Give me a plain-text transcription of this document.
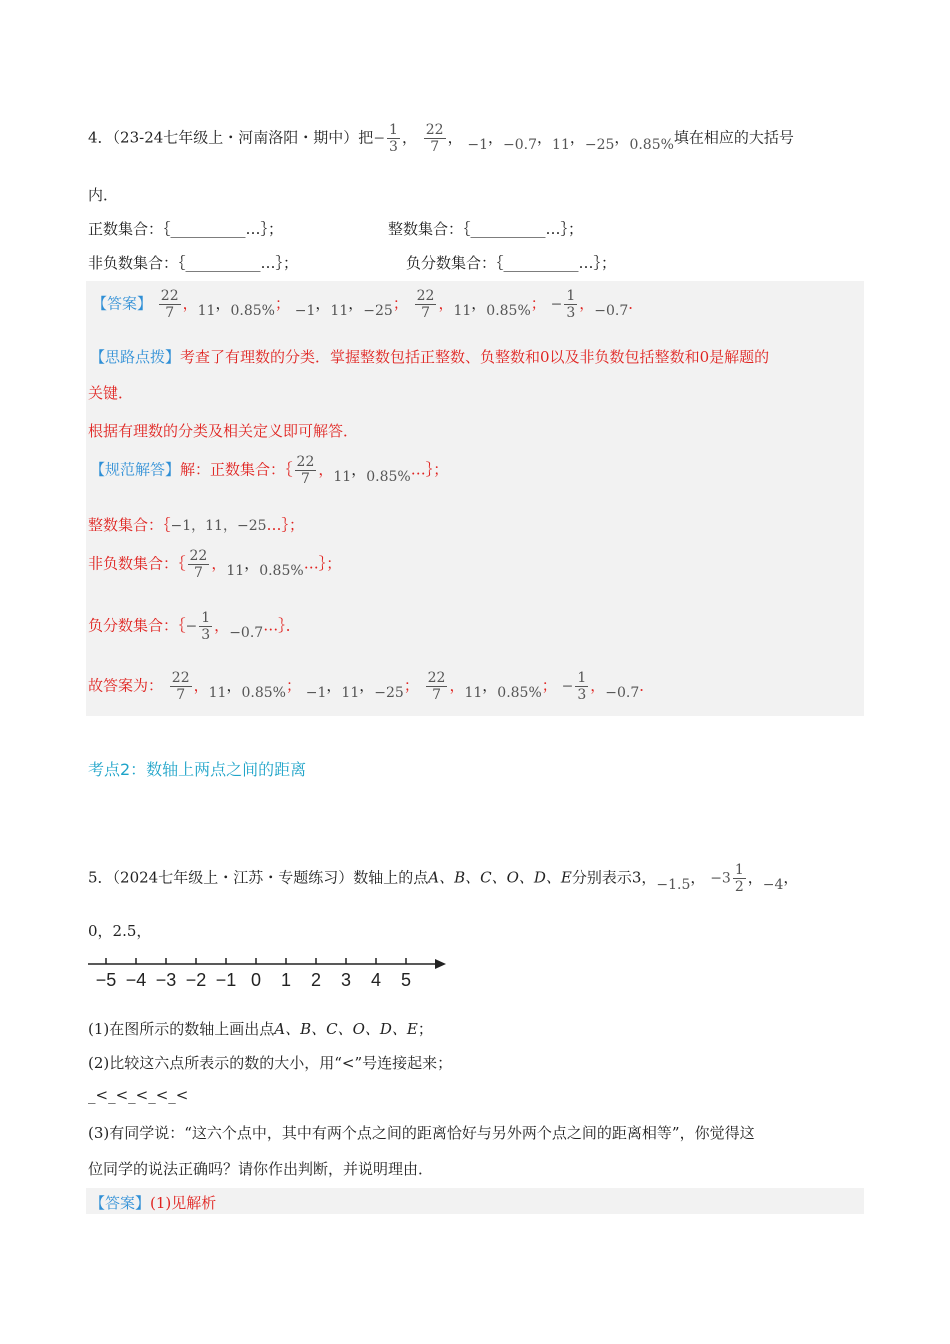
4．（23-24七年级上・河南洛阳・期中）把− $\frac{1}{3}$ ， $\frac{22}{7}$ ， −1，−0.7，11，−25，0.85%填在相应的大括号
内．
正数集合：｛__________…｝；	整数集合：｛__________…｝；
非负数集合：｛__________…｝；	负分数集合：｛__________…｝；
【答案】 $\frac{22}{7}$ ，11，0.85%； −1，11，−25； $\frac{22}{7}$ ，11，0.85%； − $\frac{1}{3}$ ，−0.7．
【思路点拨】考查了有理数的分类．掌握整数包括正整数、负整数和0以及非负数包括整数和0是解题的
关键．
根据有理数的分类及相关定义即可解答．
【规范解答】解：正数集合：｛ $\frac{22}{7}$ ，11，0.85%…｝；
整数集合：｛−1，11，−25…｝；
非负数集合：｛ $\frac{22}{7}$ ，11，0.85%…｝；
负分数集合：｛− $\frac{1}{3}$ ，−0.7…｝．
故答案为： $\frac{22}{7}$ ，11，0.85%； −1，11，−25； $\frac{22}{7}$ ，11，0.85%； − $\frac{1}{3}$ ，−0.7．
考点2：数轴上两点之间的距离
5．（2024七年级上・江苏・专题练习）数轴上的点A、B、C、O、D、E分别表示3，−1.5， $-3 \frac{1}{2}$ ，−4，
0，2.5，
−5 −4 −3 −2 −1 0 1 2 3 4 5
(1)在图所示的数轴上画出点A、B、C、O、D、E；
(2)比较这六点所表示的数的大小，用“<”号连接起来；
_<_<_<_<_<
(3)有同学说：“这六个点中，其中有两个点之间的距离恰好与另外两个点之间的距离相等”，你觉得这
位同学的说法正确吗？请你作出判断，并说明理由．
【答案】(1)见解析
